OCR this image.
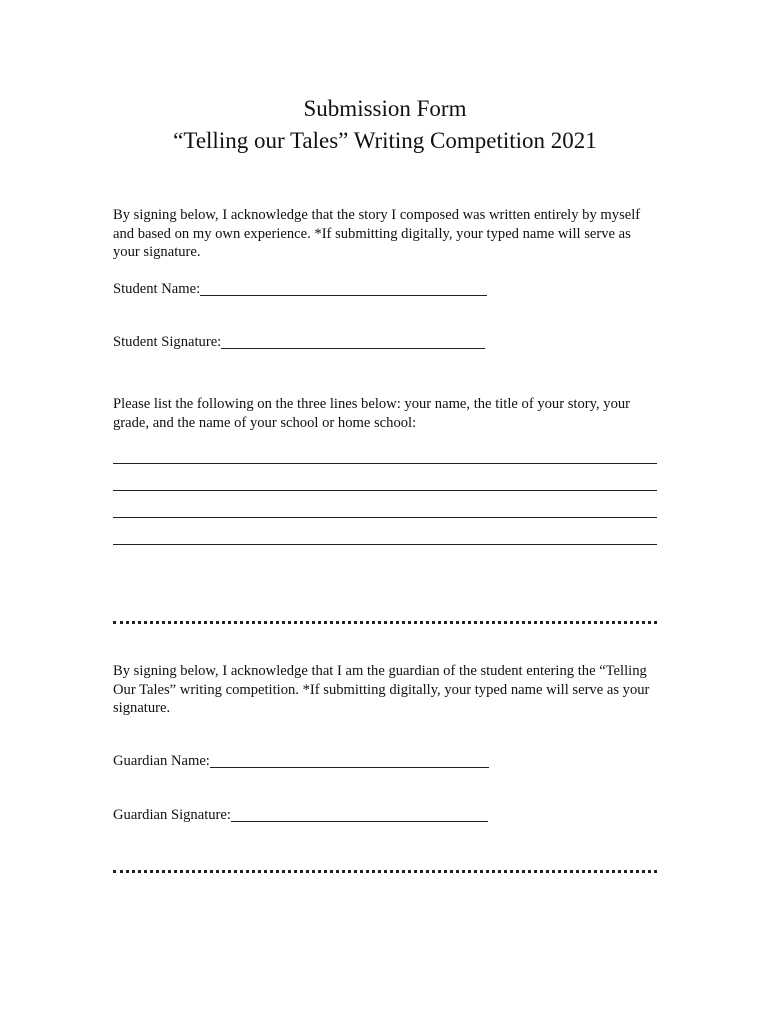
Submission Form
“Telling our Tales” Writing Competition 2021

By signing below, I acknowledge that the story I composed was written entirely by myself and based on my own experience. *If submitting digitally, your typed name will serve as your signature.

Student Name:
Student Signature:

Please list the following on the three lines below: your name, the title of your story, your grade, and the name of your school or home school:

By signing below, I acknowledge that I am the guardian of the student entering the “Telling Our Tales” writing competition. *If submitting digitally, your typed name will serve as your signature.

Guardian Name:
Guardian Signature:
